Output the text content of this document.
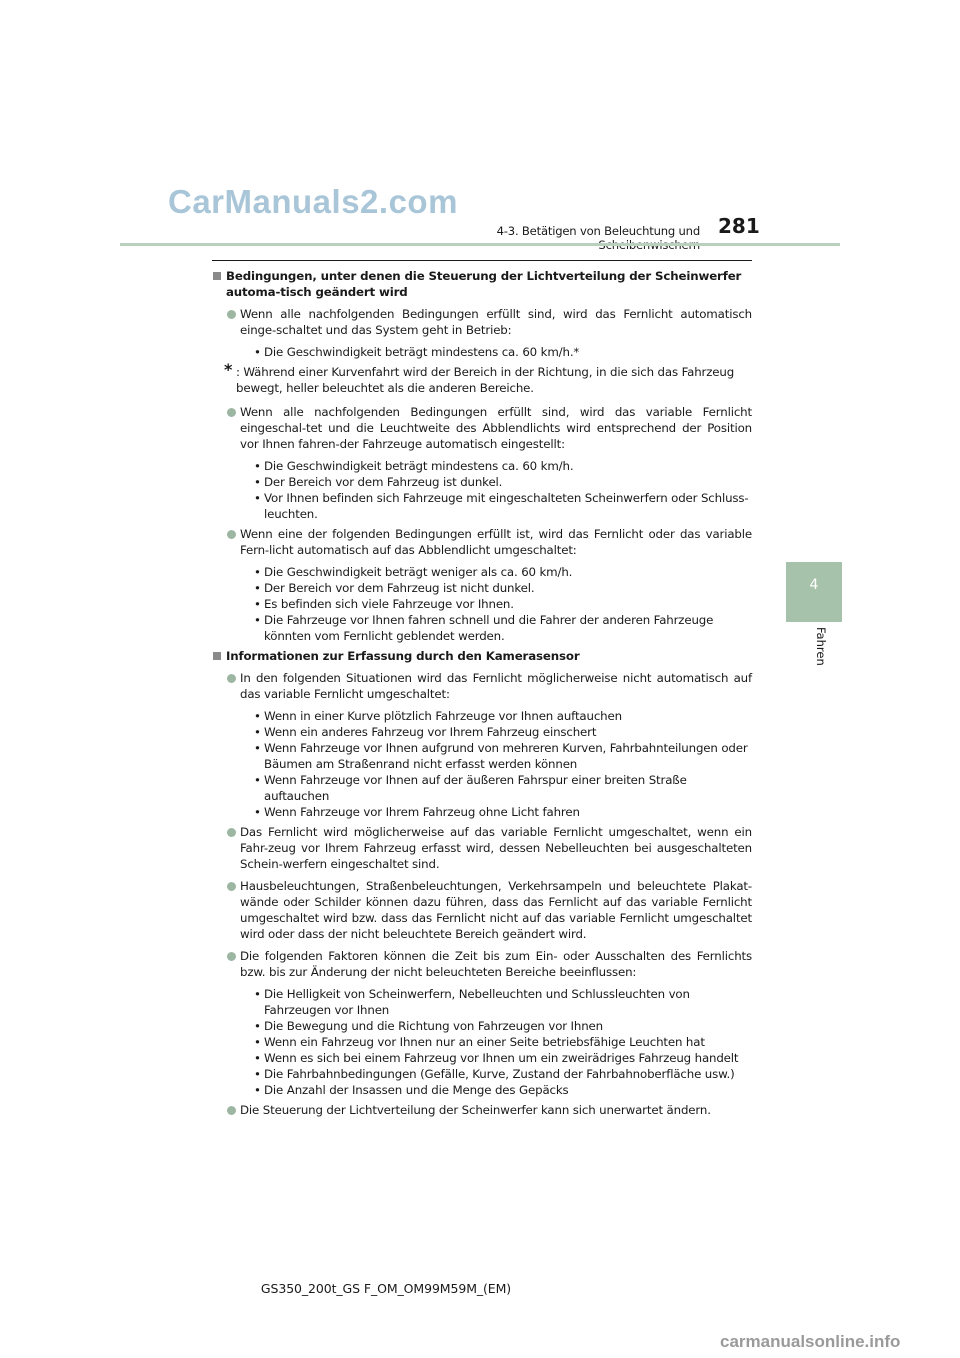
CarManuals2.com
4-3. Betätigen von Beleuchtung und 281
4
Fahren
Bedingungen, unter denen die Steuerung der Lichtverteilung der Scheinwerfer automa-tisch geändert wird
Wenn alle nachfolgenden Bedingungen erfüllt sind, wird das Fernlicht automatisch einge-schaltet und das System geht in Betrieb:
• Die Geschwindigkeit beträgt mindestens ca. 60 km/h.*
* : Während einer Kurvenfahrt wird der Bereich in der Richtung, in die sich das Fahrzeug bewegt, heller beleuchtet als die anderen Bereiche.
Wenn alle nachfolgenden Bedingungen erfüllt sind, wird das variable Fernlicht eingeschal-tet und die Leuchtweite des Abblendlichts wird entsprechend der Position vor Ihnen fahren-der Fahrzeuge automatisch eingestellt:
• Die Geschwindigkeit beträgt mindestens ca. 60 km/h.
• Der Bereich vor dem Fahrzeug ist dunkel.
• Vor Ihnen befinden sich Fahrzeuge mit eingeschalteten Scheinwerfern oder Schluss-leuchten.
Wenn eine der folgenden Bedingungen erfüllt ist, wird das Fernlicht oder das variable Fern-licht automatisch auf das Abblendlicht umgeschaltet:
• Die Geschwindigkeit beträgt weniger als ca. 60 km/h.
• Der Bereich vor dem Fahrzeug ist nicht dunkel.
• Es befinden sich viele Fahrzeuge vor Ihnen.
• Die Fahrzeuge vor Ihnen fahren schnell und die Fahrer der anderen Fahrzeuge könnten vom Fernlicht geblendet werden.
Informationen zur Erfassung durch den Kamerasensor
In den folgenden Situationen wird das Fernlicht möglicherweise nicht automatisch auf das variable Fernlicht umgeschaltet:
• Wenn in einer Kurve plötzlich Fahrzeuge vor Ihnen auftauchen
• Wenn ein anderes Fahrzeug vor Ihrem Fahrzeug einschert
• Wenn Fahrzeuge vor Ihnen aufgrund von mehreren Kurven, Fahrbahnteilungen oder Bäumen am Straßenrand nicht erfasst werden können
• Wenn Fahrzeuge vor Ihnen auf der äußeren Fahrspur einer breiten Straße auftauchen
• Wenn Fahrzeuge vor Ihrem Fahrzeug ohne Licht fahren
Das Fernlicht wird möglicherweise auf das variable Fernlicht umgeschaltet, wenn ein Fahr-zeug vor Ihrem Fahrzeug erfasst wird, dessen Nebelleuchten bei ausgeschalteten Schein-werfern eingeschaltet sind.
Hausbeleuchtungen, Straßenbeleuchtungen, Verkehrsampeln und beleuchtete Plakat-wände oder Schilder können dazu führen, dass das Fernlicht auf das variable Fernlicht umgeschaltet wird bzw. dass das Fernlicht nicht auf das variable Fernlicht umgeschaltet wird oder dass der nicht beleuchtete Bereich geändert wird.
Die folgenden Faktoren können die Zeit bis zum Ein- oder Ausschalten des Fernlichts bzw. bis zur Änderung der nicht beleuchteten Bereiche beeinflussen:
• Die Helligkeit von Scheinwerfern, Nebelleuchten und Schlussleuchten von Fahrzeugen vor Ihnen
• Die Bewegung und die Richtung von Fahrzeugen vor Ihnen
• Wenn ein Fahrzeug vor Ihnen nur an einer Seite betriebsfähige Leuchten hat
• Wenn es sich bei einem Fahrzeug vor Ihnen um ein zweirädriges Fahrzeug handelt
• Die Fahrbahnbedingungen (Gefälle, Kurve, Zustand der Fahrbahnoberfläche usw.)
• Die Anzahl der Insassen und die Menge des Gepäcks
Die Steuerung der Lichtverteilung der Scheinwerfer kann sich unerwartet ändern.
GS350_200t_GS F_OM_OM99M59M_(EM)
carmanualsonline.info
